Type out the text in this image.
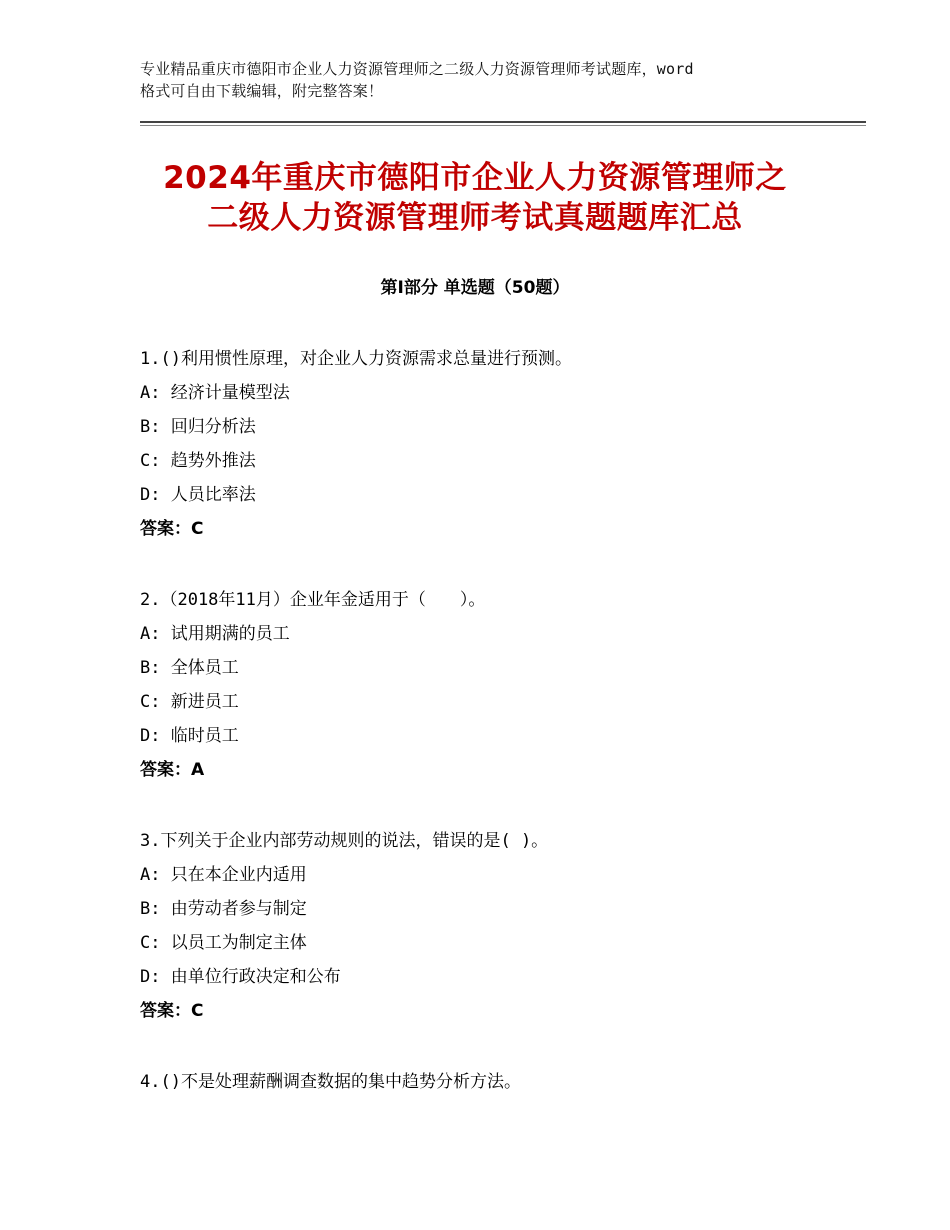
专业精品重庆市德阳市企业人力资源管理师之二级人力资源管理师考试题库，word
格式可自由下载编辑，附完整答案！
2024年重庆市德阳市企业人力资源管理师之
二级人力资源管理师考试真题题库汇总
第Ⅰ部分 单选题（50题）
1.()利用惯性原理，对企业人力资源需求总量进行预测。
A: 经济计量模型法
B: 回归分析法
C: 趋势外推法
D: 人员比率法
答案：C
2.（2018年11月）企业年金适用于（　　）。
A: 试用期满的员工
B: 全体员工
C: 新进员工
D: 临时员工
答案：A
3.下列关于企业内部劳动规则的说法，错误的是( )。
A: 只在本企业内适用
B: 由劳动者参与制定
C: 以员工为制定主体
D: 由单位行政决定和公布
答案：C
4.()不是处理薪酬调查数据的集中趋势分析方法。
